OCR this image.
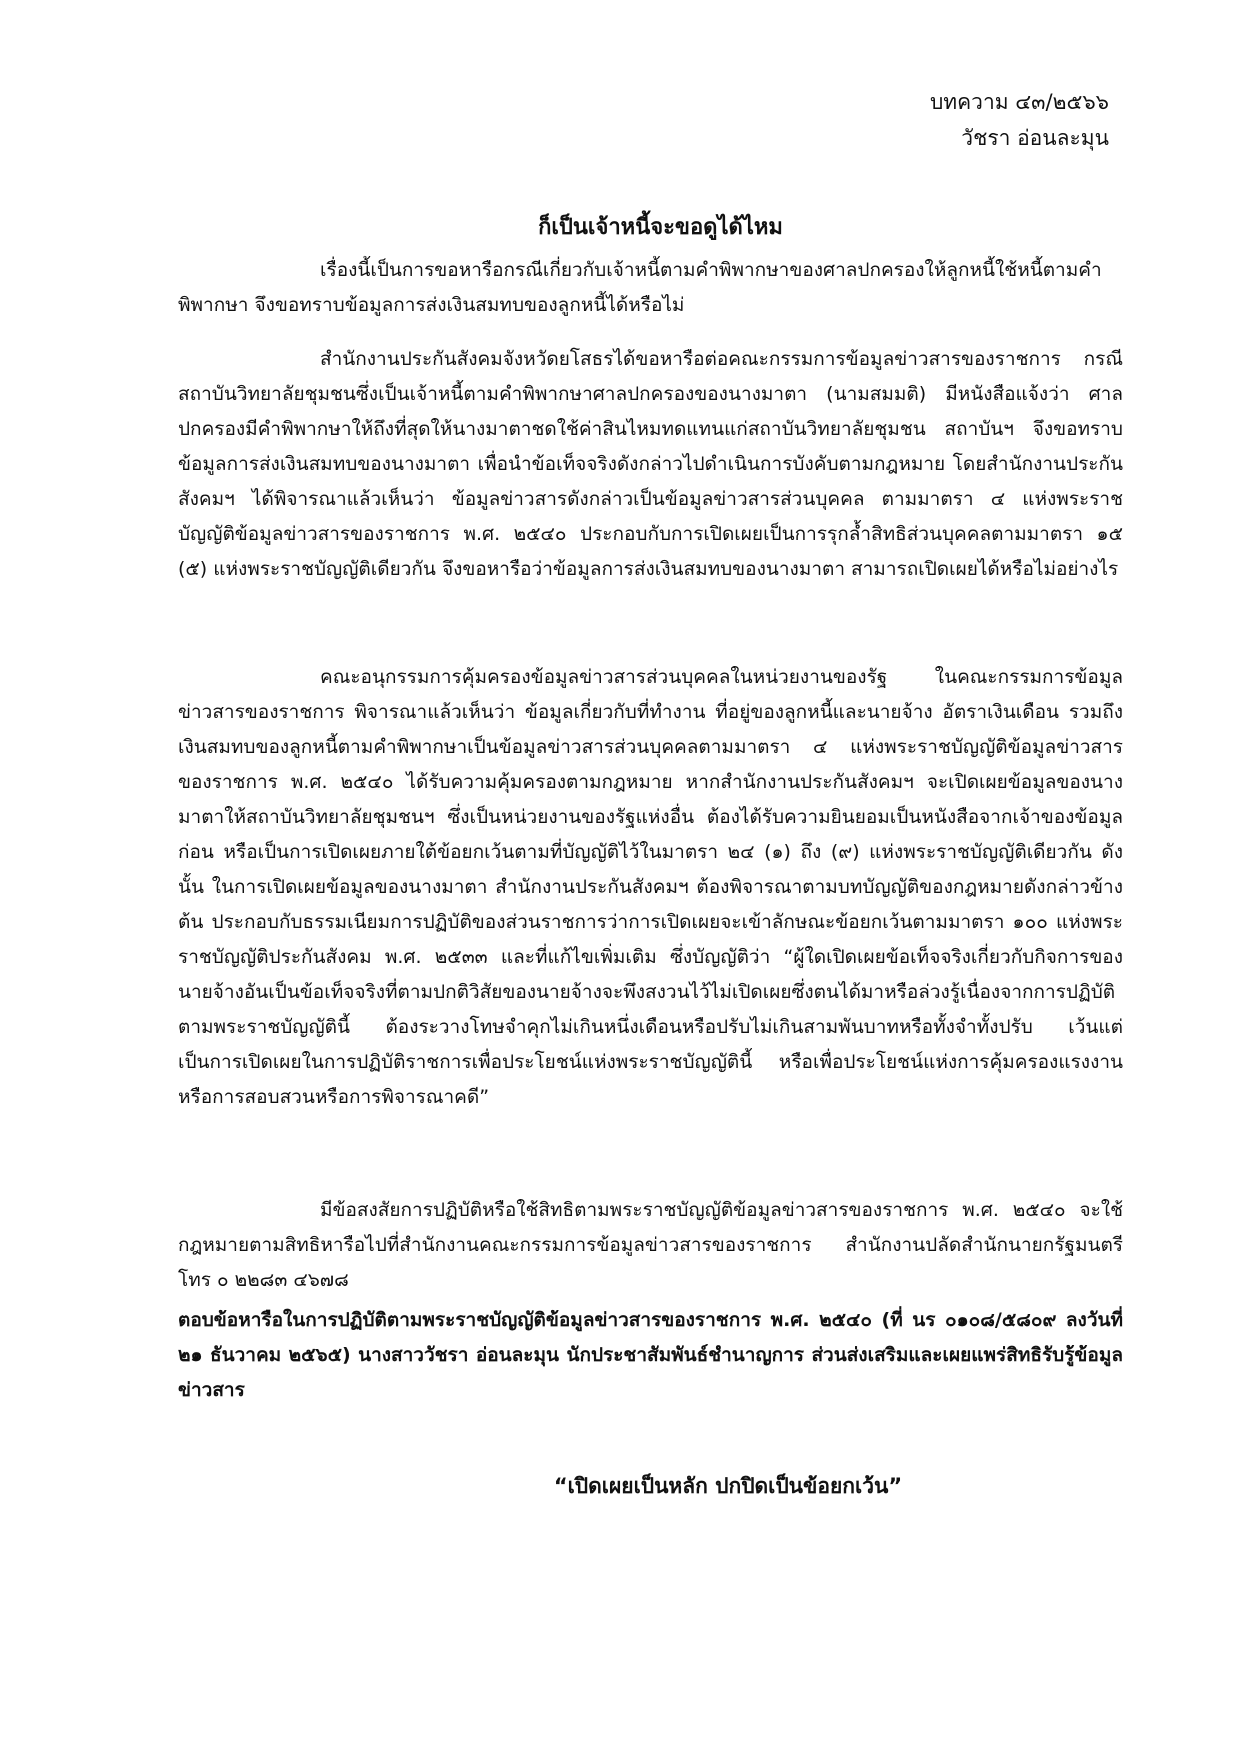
บทความ ๔๓/๒๕๖๖
วัชรา อ่อนละมุน
ก็เป็นเจ้าหนี้จะขอดูได้ไหม

เรื่องนี้เป็นการขอหารือกรณีเกี่ยวกับเจ้าหนี้ตามคำพิพากษาของศาลปกครองให้ลูกหนี้ใช้หนี้ตามคำพิพากษา จึงขอทราบข้อมูลการส่งเงินสมทบของลูกหนี้ได้หรือไม่

สำนักงานประกันสังคมจังหวัดยโสธรได้ขอหารือต่อคณะกรรมการข้อมูลข่าวสารของราชการ กรณีสถาบันวิทยาลัยชุมชนซึ่งเป็นเจ้าหนี้ตามคำพิพากษาศาลปกครองของนางมาตา (นามสมมติ) มีหนังสือแจ้งว่า ศาลปกครองมีคำพิพากษาให้ถึงที่สุดให้นางมาตาชดใช้ค่าสินไหมทดแทนแก่สถาบันวิทยาลัยชุมชน สถาบันฯ จึงขอทราบข้อมูลการส่งเงินสมทบของนางมาตา เพื่อนำข้อเท็จจริงดังกล่าวไปดำเนินการบังคับตามกฎหมาย โดยสำนักงานประกันสังคมฯ ได้พิจารณาแล้วเห็นว่า ข้อมูลข่าวสารดังกล่าวเป็นข้อมูลข่าวสารส่วนบุคคล ตามมาตรา ๔ แห่งพระราชบัญญัติข้อมูลข่าวสารของราชการ พ.ศ. ๒๕๔๐ ประกอบกับการเปิดเผยเป็นการรุกล้ำสิทธิส่วนบุคคลตามมาตรา ๑๕ (๕) แห่งพระราชบัญญัติเดียวกัน จึงขอหารือว่าข้อมูลการส่งเงินสมทบของนางมาตา สามารถเปิดเผยได้หรือไม่อย่างไร

คณะอนุกรรมการคุ้มครองข้อมูลข่าวสารส่วนบุคคลในหน่วยงานของรัฐ ในคณะกรรมการข้อมูลข่าวสารของราชการ พิจารณาแล้วเห็นว่า ข้อมูลเกี่ยวกับที่ทำงาน ที่อยู่ของลูกหนี้และนายจ้าง อัตราเงินเดือน รวมถึงเงินสมทบของลูกหนี้ตามคำพิพากษาเป็นข้อมูลข่าวสารส่วนบุคคลตามมาตรา ๔ แห่งพระราชบัญญัติข้อมูลข่าวสารของราชการ พ.ศ. ๒๕๔๐ ได้รับความคุ้มครองตามกฎหมาย หากสำนักงานประกันสังคมฯ จะเปิดเผยข้อมูลของนางมาตาให้สถาบันวิทยาลัยชุมชนฯ ซึ่งเป็นหน่วยงานของรัฐแห่งอื่น ต้องได้รับความยินยอมเป็นหนังสือจากเจ้าของข้อมูลก่อน หรือเป็นการเปิดเผยภายใต้ข้อยกเว้นตามที่บัญญัติไว้ในมาตรา ๒๔ (๑) ถึง (๙) แห่งพระราชบัญญัติเดียวกัน ดังนั้น ในการเปิดเผยข้อมูลของนางมาตา สำนักงานประกันสังคมฯ ต้องพิจารณาตามบทบัญญัติของกฎหมายดังกล่าวข้างต้น ประกอบกับธรรมเนียมการปฏิบัติของส่วนราชการว่าการเปิดเผยจะเข้าลักษณะข้อยกเว้นตามมาตรา ๑๐๐ แห่งพระราชบัญญัติประกันสังคม พ.ศ. ๒๕๓๓ และที่แก้ไขเพิ่มเติม ซึ่งบัญญัติว่า “ผู้ใดเปิดเผยข้อเท็จจริงเกี่ยวกับกิจการของนายจ้างอันเป็นข้อเท็จจริงที่ตามปกติวิสัยของนายจ้างจะพึงสงวนไว้ไม่เปิดเผยซึ่งตนได้มาหรือล่วงรู้เนื่องจากการปฏิบัติตามพระราชบัญญัตินี้ ต้องระวางโทษจำคุกไม่เกินหนึ่งเดือนหรือปรับไม่เกินสามพันบาทหรือทั้งจำทั้งปรับ เว้นแต่เป็นการเปิดเผยในการปฏิบัติราชการเพื่อประโยชน์แห่งพระราชบัญญัตินี้ หรือเพื่อประโยชน์แห่งการคุ้มครองแรงงานหรือการสอบสวนหรือการพิจารณาคดี”

มีข้อสงสัยการปฏิบัติหรือใช้สิทธิตามพระราชบัญญัติข้อมูลข่าวสารของราชการ พ.ศ. ๒๕๔๐ จะใช้กฎหมายตามสิทธิหารือไปที่สำนักงานคณะกรรมการข้อมูลข่าวสารของราชการ สำนักงานปลัดสำนักนายกรัฐมนตรี โทร ๐ ๒๒๘๓ ๔๖๗๘

ตอบข้อหารือในการปฏิบัติตามพระราชบัญญัติข้อมูลข่าวสารของราชการ พ.ศ. ๒๕๔๐ (ที่ นร ๐๑๐๘/๕๘๐๙ ลงวันที่ ๒๑ ธันวาคม ๒๕๖๕) นางสาววัชรา อ่อนละมุน นักประชาสัมพันธ์ชำนาญการ ส่วนส่งเสริมและเผยแพร่สิทธิรับรู้ข้อมูลข่าวสาร
“เปิดเผยเป็นหลัก ปกปิดเป็นข้อยกเว้น”
